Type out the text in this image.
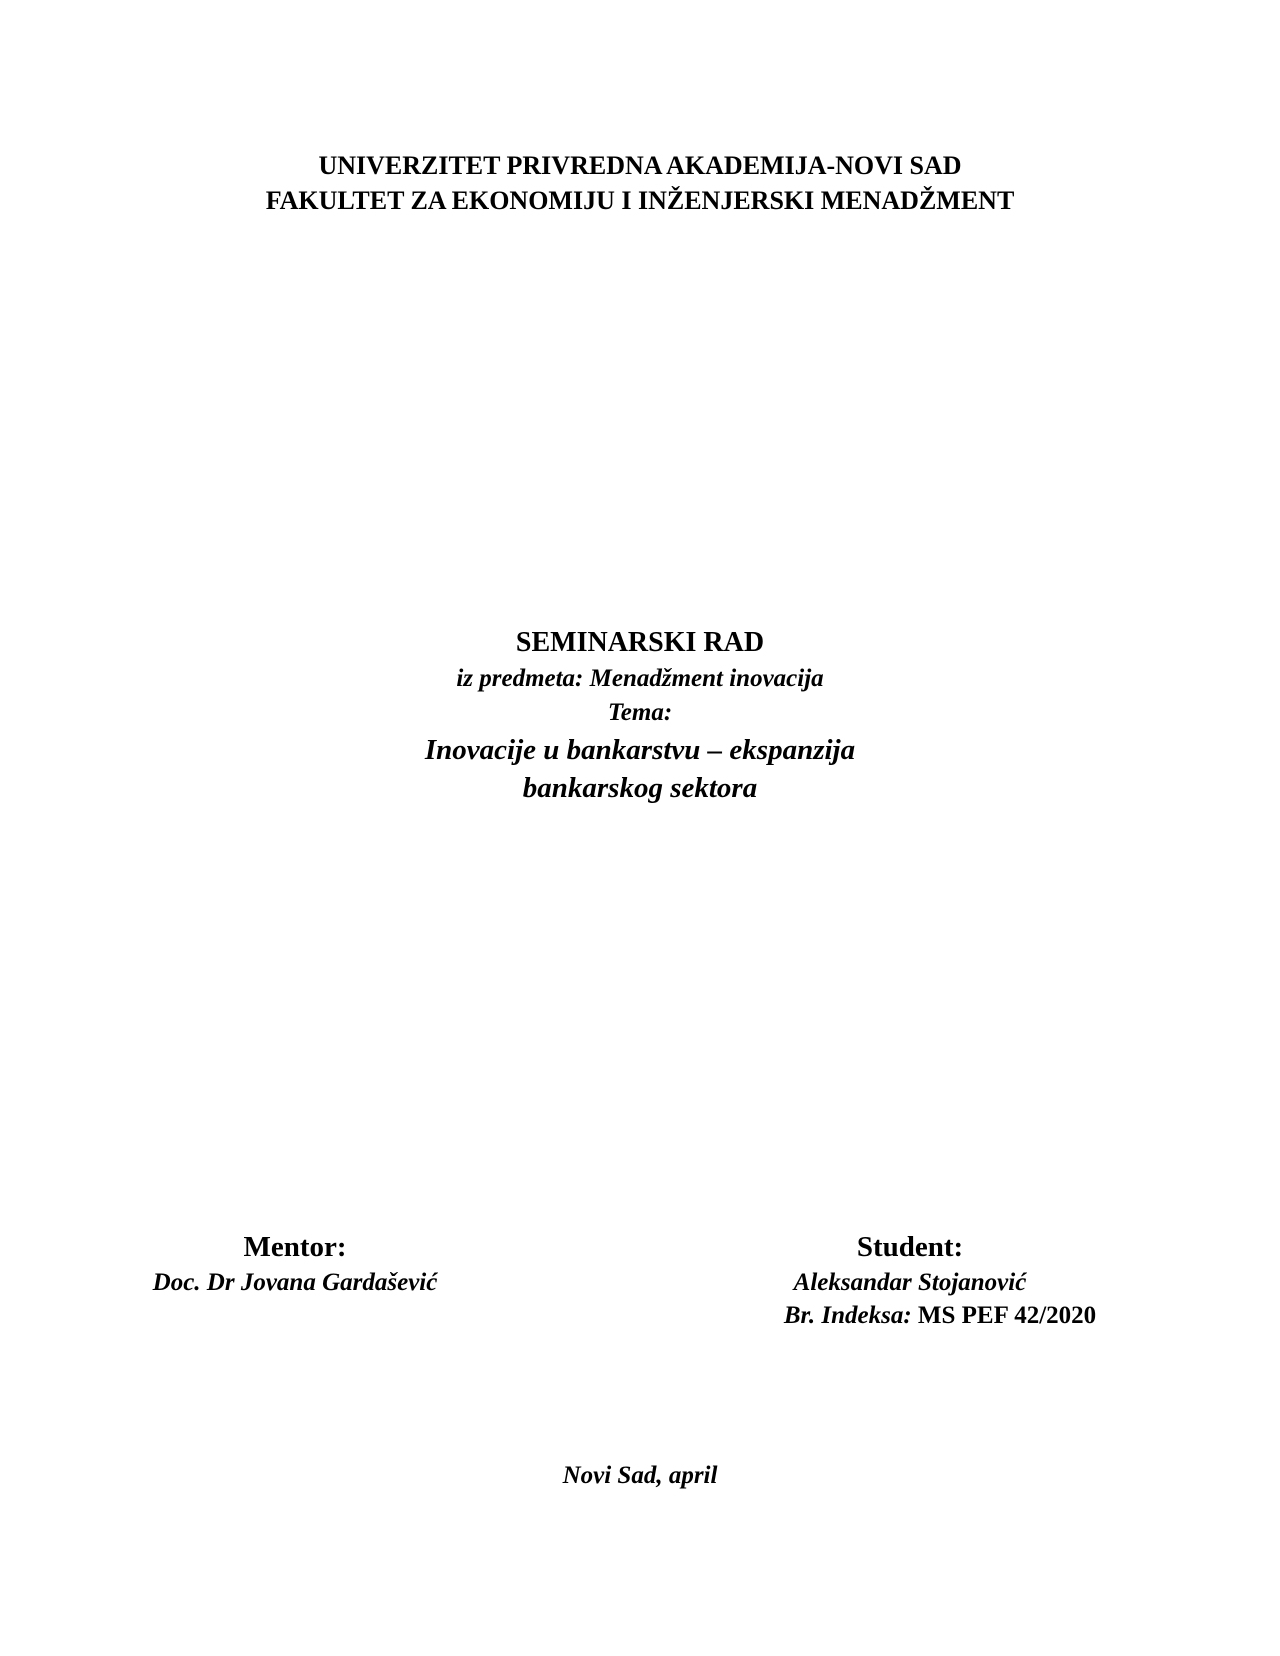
UNIVERZITET PRIVREDNA AKADEMIJA-NOVI SAD
FAKULTET ZA EKONOMIJU I INŽENJERSKI MENADŽMENT
SEMINARSKI RAD
iz predmeta: Menadžment inovacija
Tema:
Inovacije u bankarstvu – ekspanzija
bankarskog sektora
Mentor:
Doc. Dr Jovana Gardašević
Student:
Aleksandar Stojanović
Br. Indeksa: MS PEF 42/2020
Novi Sad, april
